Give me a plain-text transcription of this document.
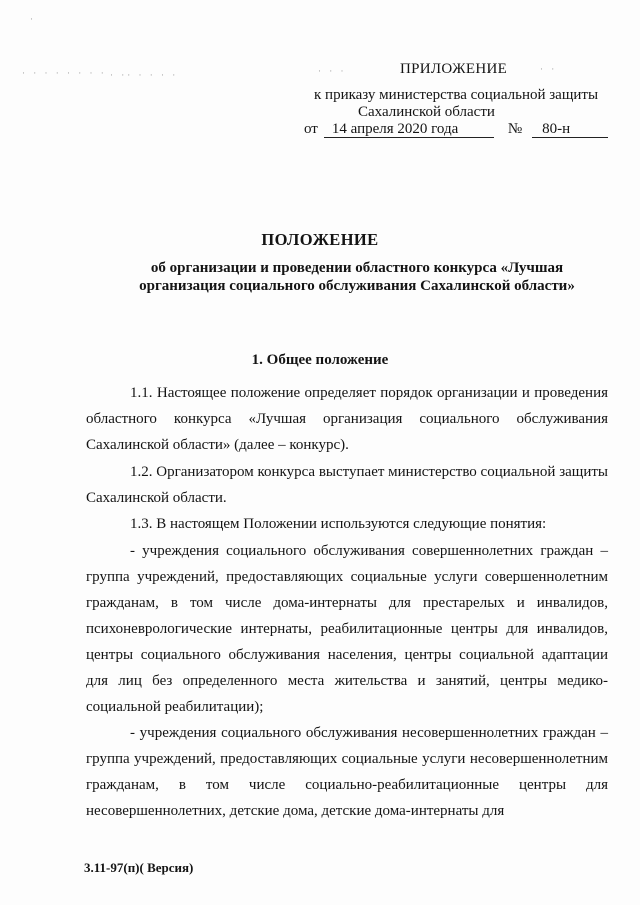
· · · · · · · · · ·· · · · ·	· · ·	· ·
·
ПРИЛОЖЕНИЕ
к приказу министерства социальной защиты
Сахалинской области
от 14 апреля 2020 года	№ 80-н
ПОЛОЖЕНИЕ
об организации и проведении областного конкурса «Лучшая организация социального обслуживания Сахалинской области»
1. Общее положение

1.1. Настоящее положение определяет порядок организации и проведения областного конкурса «Лучшая организация социального обслуживания Сахалинской области» (далее – конкурс).

1.2. Организатором конкурса выступает министерство социальной защиты Сахалинской области.

1.3. В настоящем Положении используются следующие понятия:

- учреждения социального обслуживания совершеннолетних граждан – группа учреждений, предоставляющих социальные услуги совершеннолетним гражданам, в том числе дома-интернаты для престарелых и инвалидов, психоневрологические интернаты, реабилитационные центры для инвалидов, центры социального обслуживания населения, центры социальной адаптации для лиц без определенного места жительства и занятий, центры медико-социальной реабилитации);

- учреждения социального обслуживания несовершеннолетних граждан – группа учреждений, предоставляющих социальные услуги несовершеннолетним гражданам, в том числе социально-реабилитационные центры для несовершеннолетних, детские дома, детские дома-интернаты для

3.11-97(п)( Версия)
